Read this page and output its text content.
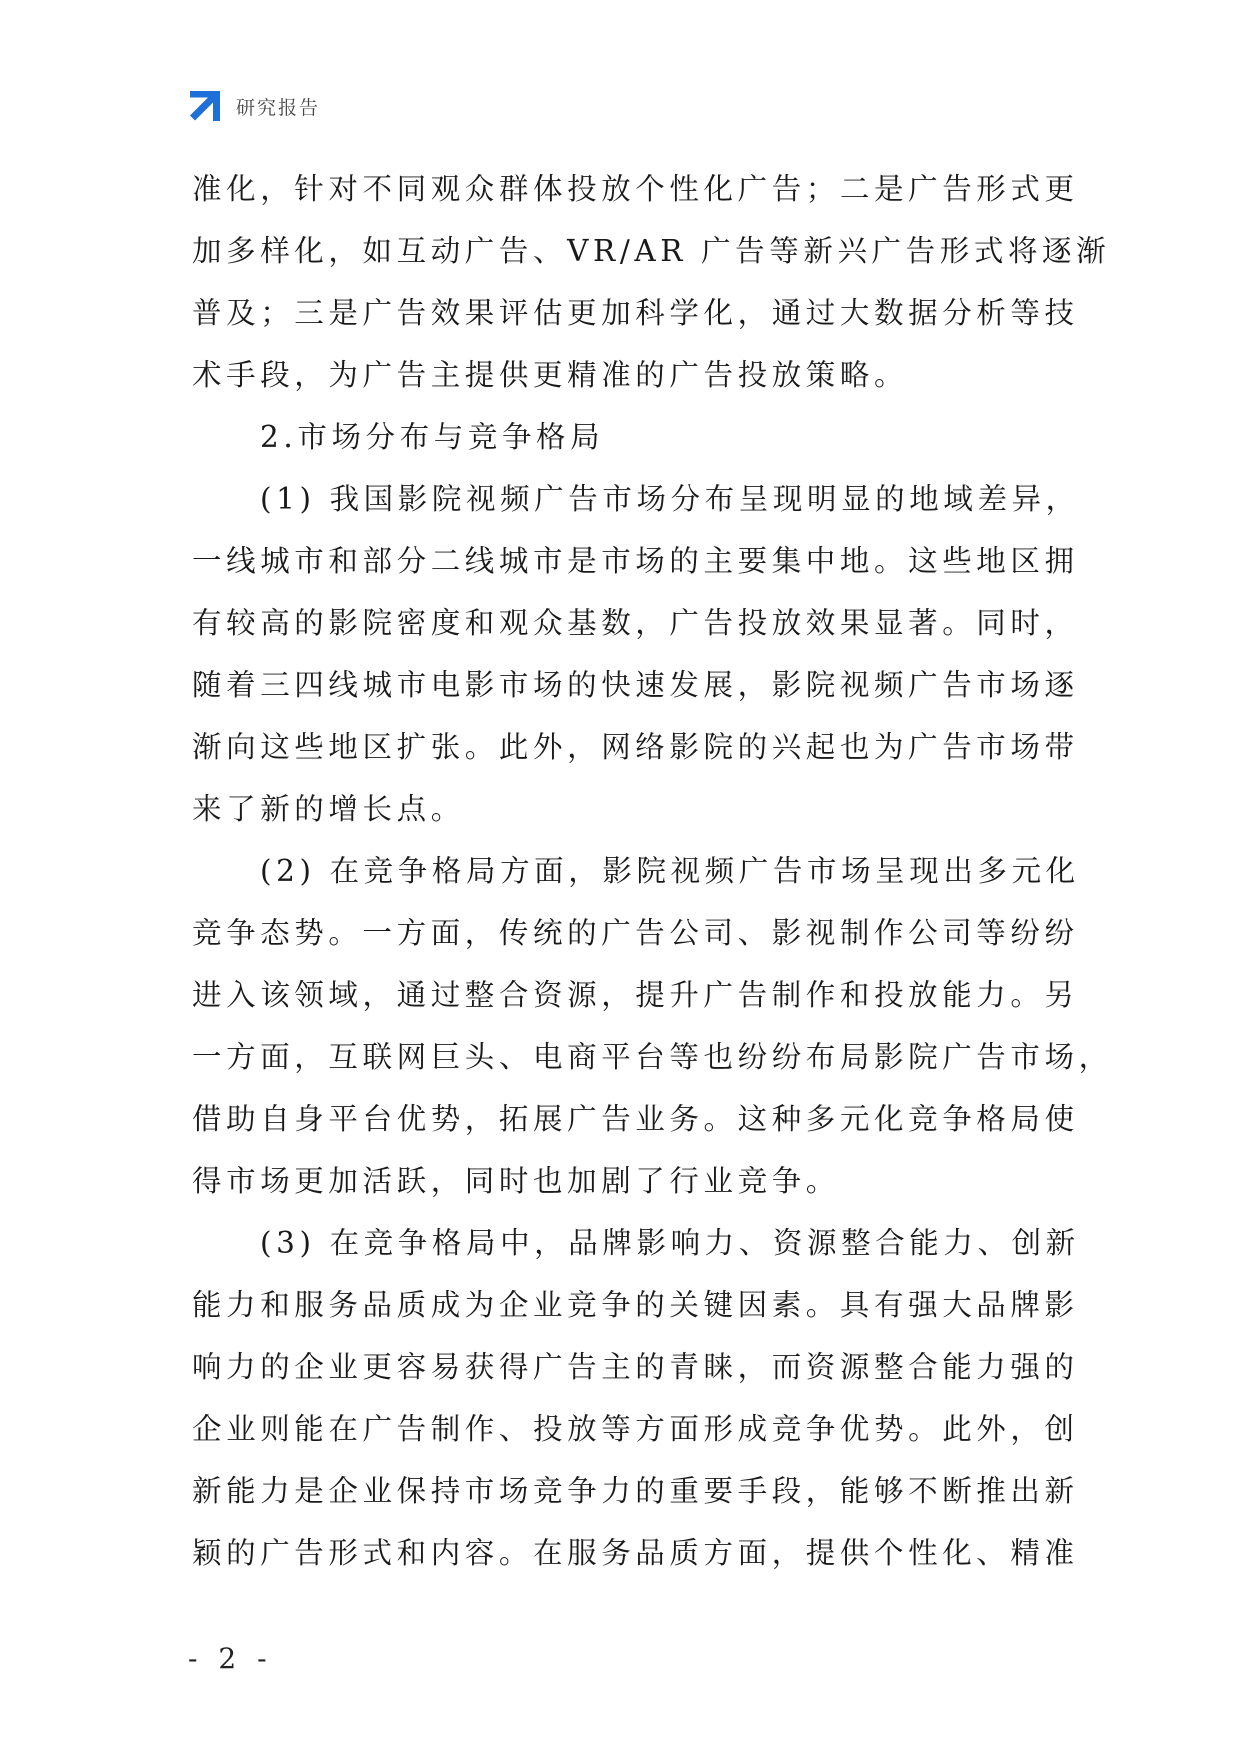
研究报告
准化，针对不同观众群体投放个性化广告；二是广告形式更
加多样化，如互动广告、VR/AR 广告等新兴广告形式将逐渐
普及；三是广告效果评估更加科学化，通过大数据分析等技
术手段，为广告主提供更精准的广告投放策略。
2.市场分布与竞争格局
(1) 我国影院视频广告市场分布呈现明显的地域差异，
一线城市和部分二线城市是市场的主要集中地。这些地区拥
有较高的影院密度和观众基数，广告投放效果显著。同时，
随着三四线城市电影市场的快速发展，影院视频广告市场逐
渐向这些地区扩张。此外，网络影院的兴起也为广告市场带
来了新的增长点。
(2) 在竞争格局方面，影院视频广告市场呈现出多元化
竞争态势。一方面，传统的广告公司、影视制作公司等纷纷
进入该领域，通过整合资源，提升广告制作和投放能力。另
一方面，互联网巨头、电商平台等也纷纷布局影院广告市场，
借助自身平台优势，拓展广告业务。这种多元化竞争格局使
得市场更加活跃，同时也加剧了行业竞争。
(3) 在竞争格局中，品牌影响力、资源整合能力、创新
能力和服务品质成为企业竞争的关键因素。具有强大品牌影
响力的企业更容易获得广告主的青睐，而资源整合能力强的
企业则能在广告制作、投放等方面形成竞争优势。此外，创
新能力是企业保持市场竞争力的重要手段，能够不断推出新
颖的广告形式和内容。在服务品质方面，提供个性化、精准
- 2 -
